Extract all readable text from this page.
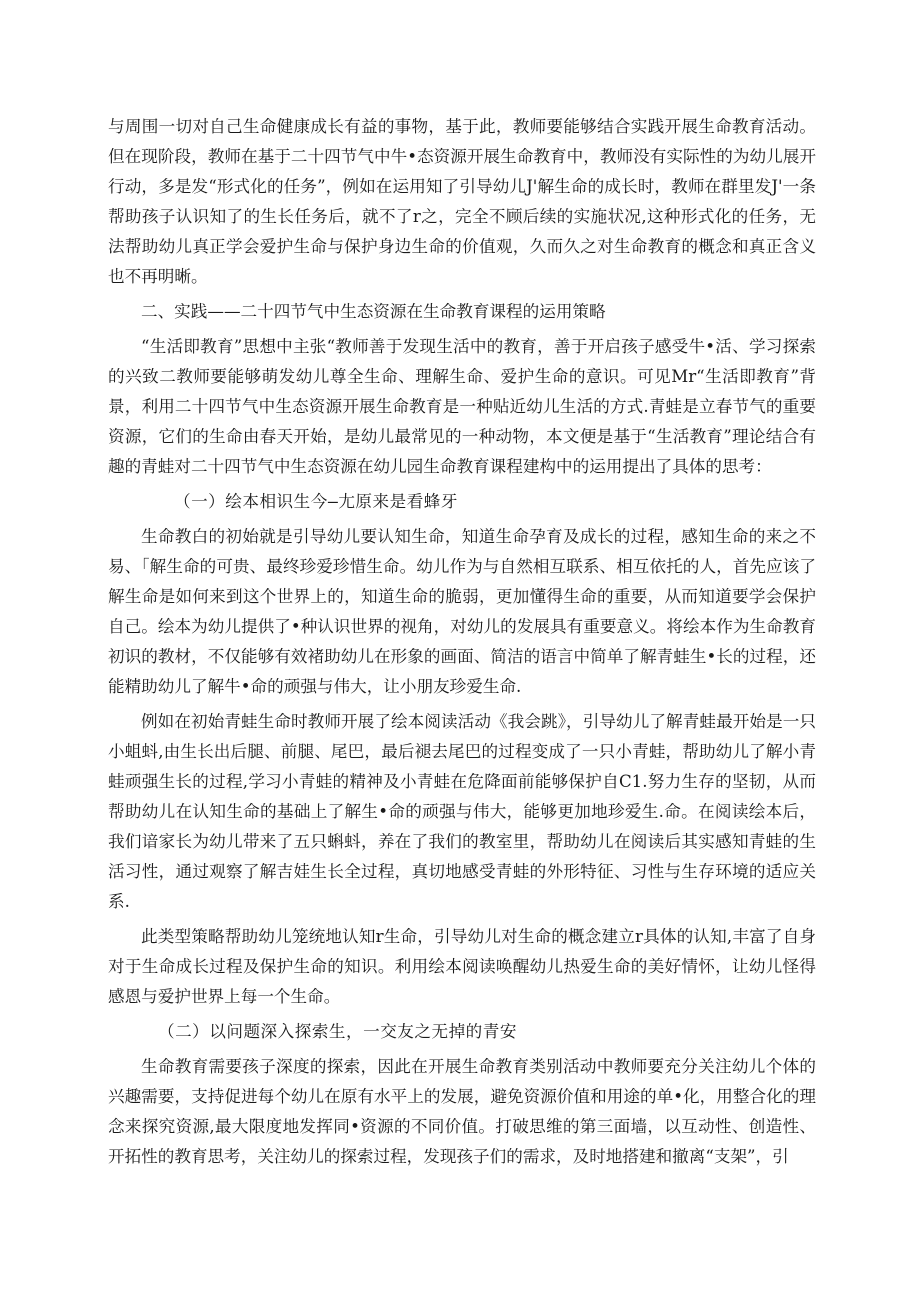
与周围一切对自己生命健康成长有益的事物，基于此，教师要能够结合实践开展生命教育活动。但在现阶段，教师在基于二十四节气中牛•态资源开展生命教育中，教师没有实际性的为幼儿展开行动，多是发“形式化的任务”，例如在运用知了引导幼儿J'解生命的成长时，教师在群里发J'一条帮助孩子认识知了的生长任务后，就不了r之，完全不顾后续的实施状况,这种形式化的任务，无法帮助幼儿真正学会爱护生命与保护身边生命的价值观，久而久之对生命教育的概念和真正含义也不再明晰。

二、实践——二十四节气中生态资源在生命教育课程的运用策略

“生活即教育”思想中主张“教师善于发现生活中的教育，善于开启孩子感受牛•活、学习探索的兴致二教师要能够萌发幼儿尊全生命、理解生命、爱护生命的意识。可见Mr“生活即教育”背景，利用二十四节气中生态资源开展生命教育是一种贴近幼儿生活的方式.青蛙是立春节气的重要资源，它们的生命由春天开始，是幼儿最常见的一种动物，本文便是基于“生活教育”理论结合有趣的青蛙对二十四节气中生态资源在幼儿园生命教育课程建构中的运用提出了具体的思考：

（一）绘本相识生今—尢原来是看蜂牙

生命教白的初始就是引导幼儿要认知生命，知道生命孕育及成长的过程，感知生命的来之不易、「解生命的可贵、最终珍爱珍惜生命。幼儿作为与自然相互联系、相互依托的人，首先应该了解生命是如何来到这个世界上的，知道生命的脆弱，更加懂得生命的重要，从而知道要学会保护自己。绘本为幼儿提供了•种认识世界的视角，对幼儿的发展具有重要意义。将绘本作为生命教育初识的教材，不仅能够有效褚助幼儿在形象的画面、简洁的语言中简单了解青蛙生•长的过程，还能精助幼儿了解牛•命的顽强与伟大，让小朋友珍爱生命.

例如在初始青蛙生命时教师开展了绘本阅读活动《我会跳》，引导幼儿了解青蛙最开始是一只小蛆蚪,由生长出后腿、前腿、尾巴，最后褪去尾巴的过程变成了一只小青蛙，帮助幼儿了解小青蛙顽强生长的过程,学习小青蛙的精神及小青蛙在危降面前能够保护自C1.努力生存的坚韧，从而帮助幼儿在认知生命的基础上了解生•命的顽强与伟大，能够更加地珍爱生.命。在阅读绘本后，我们谙家长为幼儿带来了五只蝌蚪，养在了我们的教室里，帮助幼儿在阅读后其实感知青蛙的生活习性，通过观察了解吉娃生长全过程，真切地感受青蛙的外形特征、习性与生存环境的适应关系.

此类型策略帮助幼儿笼统地认知r生命，引导幼儿对生命的概念建立r具体的认知,丰富了自身对于生命成长过程及保护生命的知识。利用绘本阅读唤醒幼儿热爱生命的美好情怀，让幼儿怪得感恩与爱护世界上每一个生命。

（二）以问题深入探索生，一交友之无掉的青安

生命教育需要孩子深度的探索，因此在开展生命教育类别活动中教师要充分关注幼儿个体的兴趣需要，支持促进每个幼儿在原有水平上的发展，避免资源价值和用途的单•化，用整合化的理念来探究资源,最大限度地发挥同•资源的不同价值。打破思维的第三面墙，以互动性、创造性、开拓性的教育思考，关注幼儿的探索过程，发现孩子们的需求，及时地搭建和撤离“支架”，引
